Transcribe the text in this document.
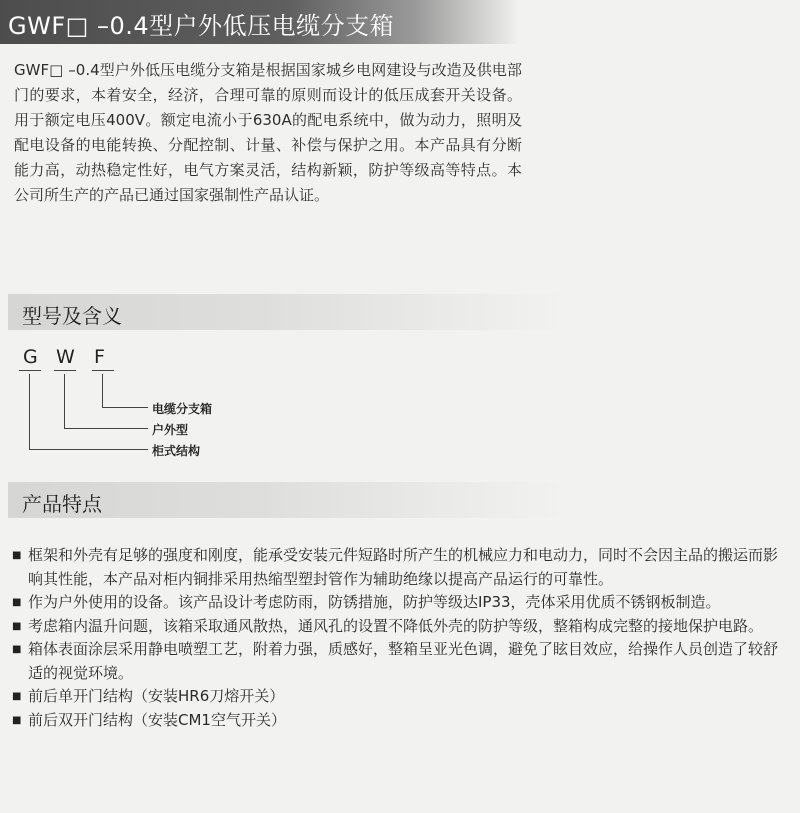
GWF□ –0.4型户外低压电缆分支箱

GWF□ –0.4型户外低压电缆分支箱是根据国家城乡电网建设与改造及供电部门的要求，本着安全，经济，合理可靠的原则而设计的低压成套开关设备。用于额定电压400V。额定电流小于630A的配电系统中，做为动力，照明及配电设备的电能转换、分配控制、计量、补偿与保护之用。本产品具有分断能力高，动热稳定性好，电气方案灵活，结构新颖，防护等级高等特点。本公司所生产的产品已通过国家强制性产品认证。

型号及含义
G W F
电缆分支箱
户外型
柜式结构
产品特点
■ 框架和外壳有足够的强度和刚度，能承受安装元件短路时所产生的机械应力和电动力，同时不会因主品的搬运而影响其性能，本产品对柜内铜排采用热缩型塑封管作为辅助绝缘以提高产品运行的可靠性。
■ 作为户外使用的设备。该产品设计考虑防雨，防锈措施，防护等级达IP33，壳体采用优质不锈钢板制造。
■ 考虑箱内温升问题，该箱采取通风散热，通风孔的设置不降低外壳的防护等级，整箱构成完整的接地保护电路。
■ 箱体表面涂层采用静电喷塑工艺，附着力强，质感好，整箱呈亚光色调，避免了眩目效应，给操作人员创造了较舒适的视觉环境。
■ 前后单开门结构（安装HR6刀熔开关）
■ 前后双开门结构（安装CM1空气开关）
